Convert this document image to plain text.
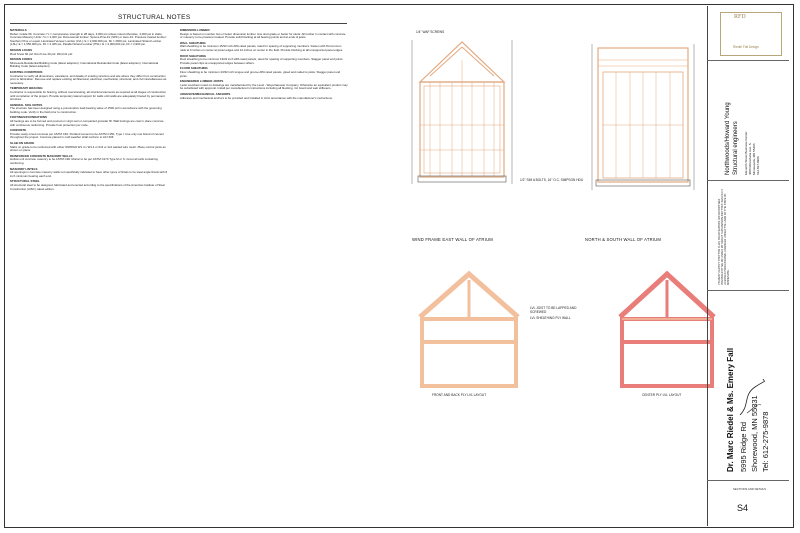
STRUCTURAL NOTES
MATERIALS

Rebar: Grade 60. Concrete: f'c = compressive strength in 28 days, 3,000 psi unless noted otherwise. 4,000 psi in slabs. Concrete Masonry Units: f'm = 2,000 psi. Dimensional lumber: Spruce-Pine-Fir (SPF) or Hem-Fir. Pressure treated lumber: Southern Pine or equal. Laminated Veneer Lumber (LVL): E = 2,000,000 psi, Fb = 2600 psi. Laminated Strand Lumber (LSL): E = 1,550,000 psi, Fb = 2,325 psi. Parallel Strand Lumber (PSL): E = 2,000,000 psi, Fb = 2,900 psi.

DESIGN LOADS

Roof Snow 60 psf. Roof Live 20 psf. Wind 21 psf.

DESIGN CODES

Minnesota Residential Building Code (latest adoption). International Residential Code (latest adoption). International Building Code (latest adoption).

EXISTING CONDITIONS

Contractor to verify all dimensions, elevations, and details of existing structure and site where they differ from construction prior to fabrication. Remove and replace existing architectural, electrical, mechanical, structural, and civil miscellaneous as necessary.

TEMPORARY BRACING

Contractor is responsible for bracing, without overstressing, all structural elements as required at all stages of construction until completion of the project. Provide temporary lateral support for walls until walls are adequately braced by permanent structure.

GENERAL SOIL NOTES

The structure has been designed using a presumptive load-bearing value of 1500 psf in accordance with the governing building code. Verify in the field prior to construction.

FOOTINGS/FOUNDATIONS

All footings are to be formed and poured on virgin soil or compacted granular fill. Wall footings are cast in place concrete with continuous reinforcing. Provide frost protection per code.

CONCRETE

Provide ready mixed concrete per ASTM C94. Portland cement to be ASTM C150, Type I. Use only one brand of cement throughout the project. Concrete placed in cold weather shall conform to ACI 306.

SLAB ON GRADE

Slabs on grade to be reinforced with either WWF6x6 W1.4 x W1.4 or 6x6 or 4x4 welded wire mesh. Place control joints as shown on plans.

REINFORCED CONCRETE MASONRY WALLS

Hollow unit concrete masonry to be ASTM C90. Mortar to be per ASTM C270 Type M or S. Grout all cells containing reinforcing.

MASONRY LINTELS

All openings in concrete masonry walls not specifically indicated to have other types of lintels to be steel angle lintels with 8 inch minimum bearing each end.

STRUCTURAL STEEL

All structural steel to be designed, fabricated and erected according to the specifications of the American Institute of Steel Construction (AISC), latest edition.

DIMENSION LUMBER

Design is based on number two or better dimension lumber. Use stud grade or better for studs. All lumber in contact with concrete or masonry to be pressure treated. Provide solid blocking at all bearing points and at ends of joists.

WALL SHEATHING

Wall sheathing to be minimum 15/32 inch APA rated panels, rated for spacing of supporting members. Fasten with 8d common nails at 6 inches on center at panel edges and 12 inches on center in the field. Provide blocking at all unsupported panel edges.

ROOF SHEATHING

Roof sheathing to be minimum 19/32 inch APA rated panels, rated for spacing of supporting members. Stagger panel end joints. Provide panel clips at unsupported edges between rafters.

FLOOR SHEATHING

Floor sheathing to be minimum 23/32 inch tongue and groove APA rated panels, glued and nailed to joists. Stagger panel end joints.

ENGINEERED LUMBER JOISTS

I-joist members noted on drawings are manufactured by the Level - Weyerhaeuser Company. Otherwise an equivalent product may be substituted with approval. Install per manufacturer's instructions including all blocking, rim board and web stiffeners.

ADHESIVE/MECHANICAL ANCHORS

Adhesive and mechanical anchors to be provided and installed in strict accordance with the manufacturer's instructions.

WIND FRAME EAST WALL OF ATRIUM	NORTH & SOUTH WALL OF ATRIUM
FRONT AND BACK PLY LVL LAYOUT	CENTER PLY LVL LAYOUT
LVL JOIST TO BE LAPPED AND SCREWED
LVL SHEATHING PLY WALL
1/4" WAF SCREWS
1/2" SIM A BOLTS, 16" O.C. SIMPSON HDU
RFD
Riedel Fall Design
Northwoods/Howard Young Structural engineers Eleventh Street Business Center 4000 Minnehaha Ave. S. Minneapolis, MN 55406 612-827-8900
I HEREBY CERTIFY THAT THIS PLAN, SPECIFICATION, OR REPORT WAS PREPARED BY ME OR UNDER MY DIRECT SUPERVISION AND THAT I AM A DULY LICENSED PROFESSIONAL ENGINEER UNDER THE LAWS OF THE STATE OF MINNESOTA.
Dr. Marc Riedel & Ms. Emery Fall 5995 Ridge Rd Shorewood, MN 55331 Tel: 612-275-9878
SECTIONS AND DETAILS
S4
